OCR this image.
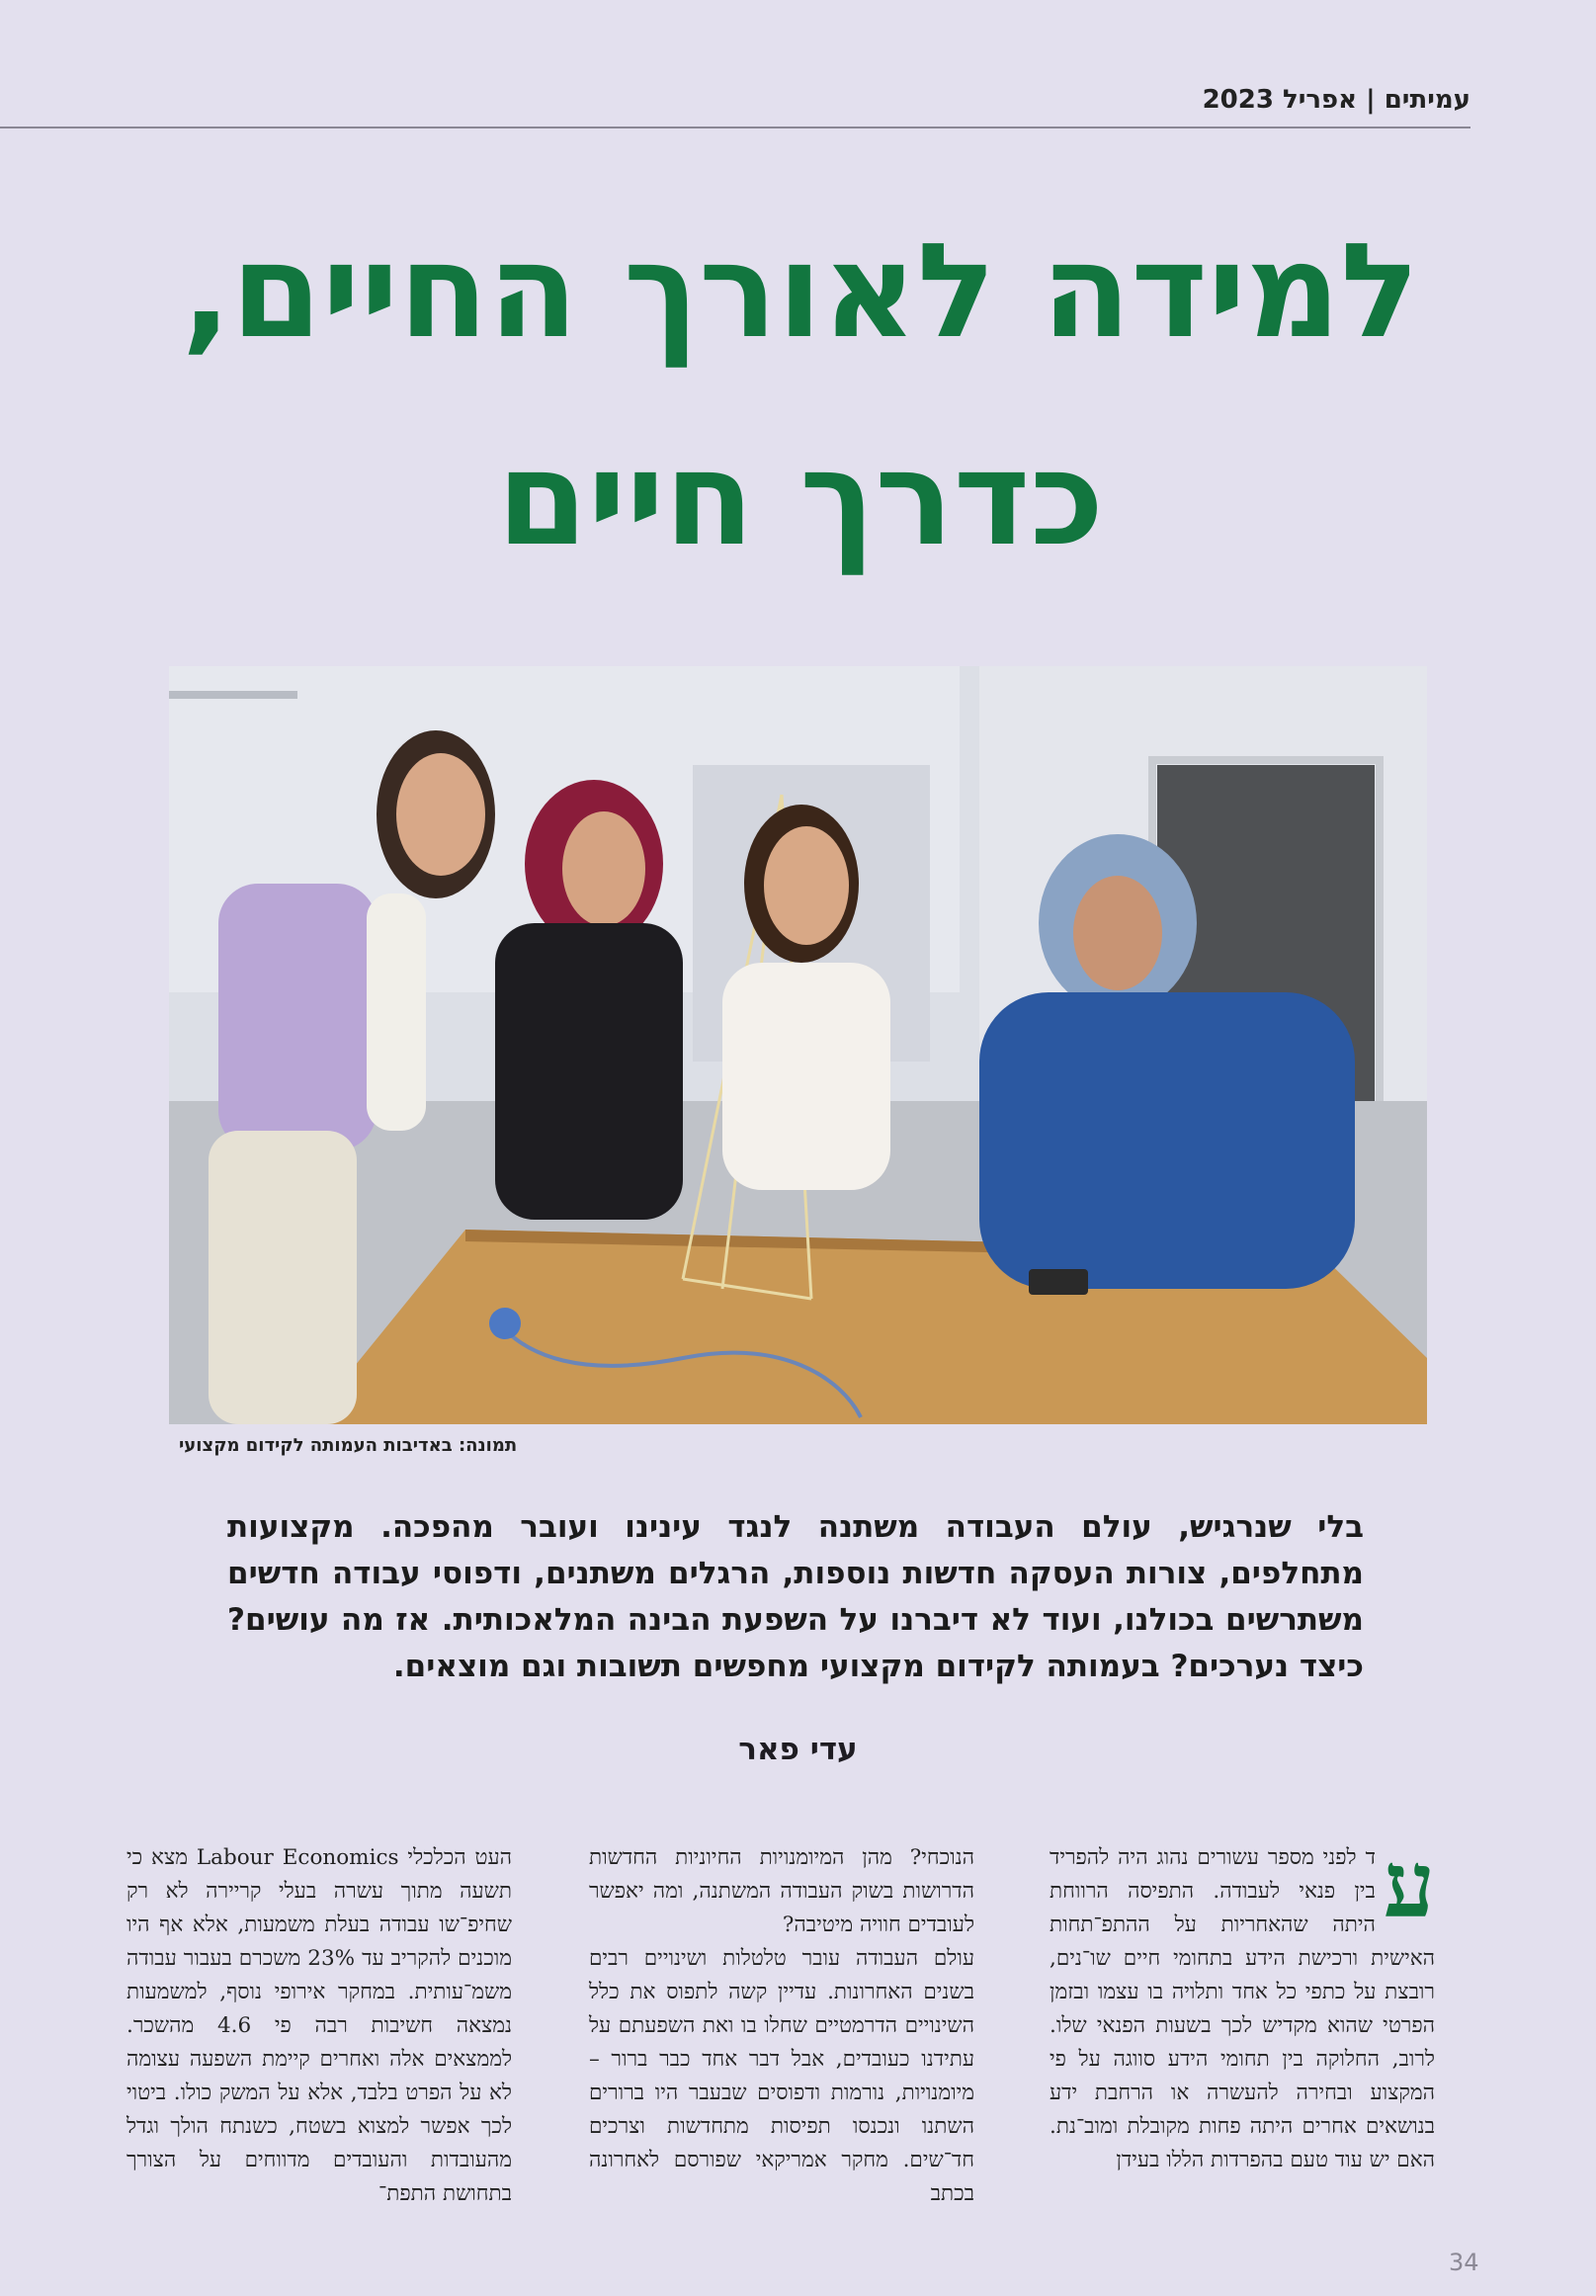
עמיתים | אפריל 2023
למידה לאורך החיים,
כדרך חיים
תמונה: באדיבות העמותה לקידום מקצועי

בלי שנרגיש, עולם העבודה משתנה לנגד עינינו ועובר מהפכה. מקצועות מתחלפים, צורות העסקה חדשות נוספות, הרגלים משתנים, ודפוסי עבודה חדשים משתרשים בכולנו, ועוד לא דיברנו על השפעת הבינה המלאכותית. אז מה עושים? כיצד נערכים? בעמותה לקידום מקצועי מחפשים תשובות וגם מוצאים.

עדי פאר
ע

ד לפני מספר עשורים נהוג היה להפריד בין פנאי לעבודה. התפיסה הרווחת היתה שהאחריות על ההתפ־תחות האישית ורכישת הידע בתחומי חיים שו־נים, רובצת על כתפי כל אחד ותלויה בו עצמו ובזמן הפרטי שהוא מקדיש לכך בשעות הפנאי שלו. לרוב, החלוקה בין תחומי הידע סווגה על פי המקצוע ובחירה להעשרה או הרחבת ידע בנושאים אחרים היתה פחות מקובלת ומוב־נת. האם יש עוד טעם בהפרדות הללו בעידן

הנוכחי? מהן המיומנויות החיוניות החדשות הדרושות בשוק העבודה המשתנה, ומה יאפשר לעובדים חוויה מיטיבה?

עולם העבודה עובר טלטלות ושינויים רבים בשנים האחרונות. עדיין קשה לתפוס את כלל השינויים הדרמטיים שחלו בו ואת השפעתם על עתידנו כעובדים, אבל דבר אחד כבר ברור – מיומנויות, נורמות ודפוסים שבעבר היו ברורים השתנו ונכנסו תפיסות מתחדשות וצרכים חד־שים. מחקר אמריקאי שפורסם לאחרונה בכתב

העט הכלכלי Labour Economics מצא כי תשעה מתוך עשרה בעלי קריירה לא רק שחיפ־שו עבודה בעלת משמעות, אלא אף היו מוכנים להקריב עד 23% משכרם בעבור עבודה משמ־עותית. במחקר אירופי נוסף, למשמעות נמצאה חשיבות רבה פי 4.6 מהשכר. לממצאים אלה ואחרים קיימת השפעה עצומה לא על הפרט בלבד, אלא על המשק כולו. ביטוי לכך אפשר למצוא בשטח, כשנתח הולך וגדל מהעובדות והעובדים מדווחים על הצורך בתחושת התפת־

34
